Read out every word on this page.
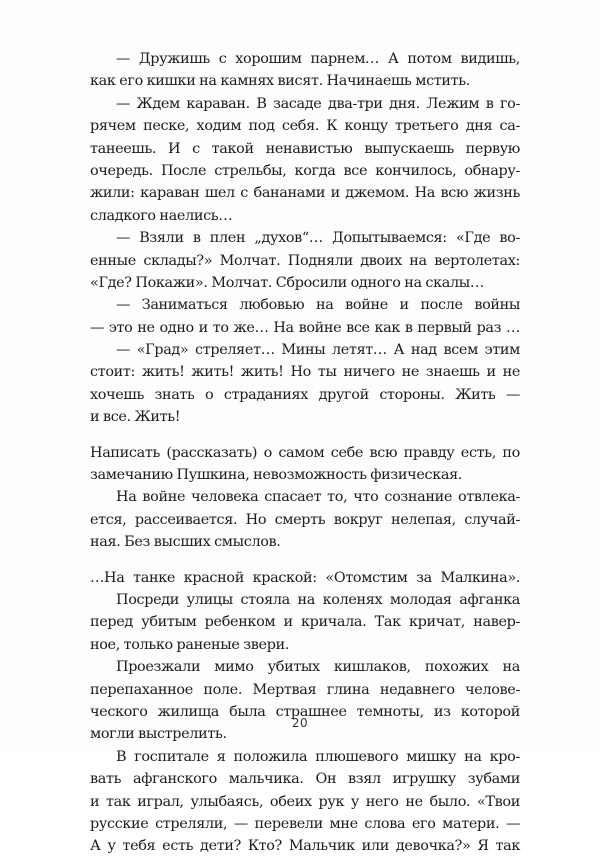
— Дружишь с хорошим парнем… А потом видишь,
как его кишки на камнях висят. Начинаешь мстить.
— Ждем караван. В засаде два-три дня. Лежим в го-
рячем песке, ходим под себя. К концу третьего дня са-
танеешь. И с такой ненавистью выпускаешь первую
очередь. После стрельбы, когда все кончилось, обнару-
жили: караван шел с бананами и джемом. На всю жизнь
сладкого наелись…
— Взяли в плен „духов“… Допытываемся: «Где во-
енные склады?» Молчат. Подняли двоих на вертолетах:
«Где? Покажи». Молчат. Сбросили одного на скалы…
— Заниматься любовью на войне и после войны
— это не одно и то же… На войне все как в первый раз …
— «Град» стреляет… Мины летят… А над всем этим
стоит: жить! жить! жить! Но ты ничего не знаешь и не
хочешь знать о страданиях другой стороны. Жить —
и все. Жить!
Написать (рассказать) о самом себе всю правду есть, по
замечанию Пушкина, невозможность физическая.
На войне человека спасает то, что сознание отвлека-
ется, рассеивается. Но смерть вокруг нелепая, случай-
ная. Без высших смыслов.
…На танке красной краской: «Отомстим за Малкина».
Посреди улицы стояла на коленях молодая афганка
перед убитым ребенком и кричала. Так кричат, навер-
ное, только раненые звери.
Проезжали мимо убитых кишлаков, похожих на
перепаханное поле. Мертвая глина недавнего челове-
ческого жилища была страшнее темноты, из которой
могли выстрелить.
В госпитале я положила плюшевого мишку на кро-
вать афганского мальчика. Он взял игрушку зубами
и так играл, улыбаясь, обеих рук у него не было. «Твои
русские стреляли, — перевели мне слова его матери. —
А у тебя есть дети? Кто? Мальчик или девочка?» Я так
20
